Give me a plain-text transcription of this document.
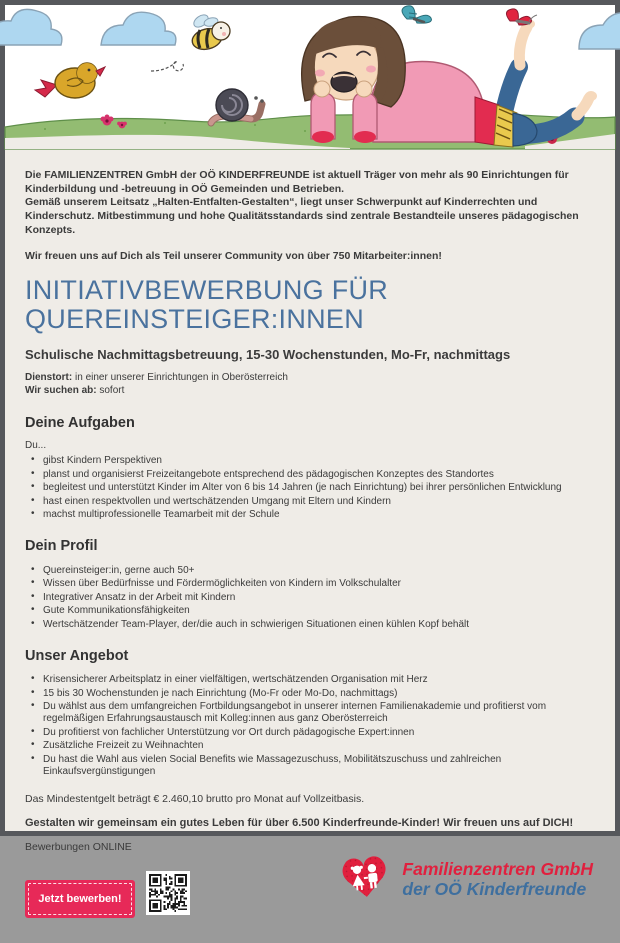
Die FAMILIENZENTREN GmbH der OÖ KINDERFREUNDE ist aktuell Träger von mehr als 90 Einrichtungen für Kinderbildung und -betreuung in OÖ Gemeinden und Betrieben.
Gemäß unserem Leitsatz „Halten-Entfalten-Gestalten“, liegt unser Schwerpunkt auf Kinderrechten und Kinderschutz. Mitbestimmung und hohe Qualitätsstandards sind zentrale Bestandteile unseres pädagogischen Konzepts.
Wir freuen uns auf Dich als Teil unserer Community von über 750 Mitarbeiter:innen!
INITIATIVBEWERBUNG FÜR
QUEREINSTEIGER:INNEN
Schulische Nachmittagsbetreuung, 15-30 Wochenstunden, Mo-Fr, nachmittags
Dienstort: in einer unserer Einrichtungen in Oberösterreich
Wir suchen ab: sofort
Deine Aufgaben
Du...
• gibst Kindern Perspektiven
• planst und organisierst Freizeitangebote entsprechend des pädagogischen Konzeptes des Standortes
• begleitest und unterstützt Kinder im Alter von 6 bis 14 Jahren (je nach Einrichtung) bei ihrer persönlichen Entwicklung
• hast einen respektvollen und wertschätzenden Umgang mit Eltern und Kindern
• machst multiprofessionelle Teamarbeit mit der Schule
Dein Profil
• Quereinsteiger:in, gerne auch 50+
• Wissen über Bedürfnisse und Fördermöglichkeiten von Kindern im Volkschulalter
• Integrativer Ansatz in der Arbeit mit Kindern
• Gute Kommunikationsfähigkeiten
• Wertschätzender Team-Player, der/die auch in schwierigen Situationen einen kühlen Kopf behält
Unser Angebot
• Krisensicherer Arbeitsplatz in einer vielfältigen, wertschätzenden Organisation mit Herz
• 15 bis 30 Wochenstunden je nach Einrichtung (Mo-Fr oder Mo-Do, nachmittags)
• Du wählst aus dem umfangreichen Fortbildungsangebot in unserer internen Familienakademie und profitierst vom regelmäßigen Erfahrungsaustausch mit Kolleg:innen aus ganz Oberösterreich
• Du profitierst von fachlicher Unterstützung vor Ort durch pädagogische Expert:innen
• Zusätzliche Freizeit zu Weihnachten
• Du hast die Wahl aus vielen Social Benefits wie Massagezuschuss, Mobilitätszuschuss und zahlreichen Einkaufsvergünstigungen
Das Mindestentgelt beträgt € 2.460,10 brutto pro Monat auf Vollzeitbasis.
Gestalten wir gemeinsam ein gutes Leben für über 6.500 Kinderfreunde-Kinder! Wir freuen uns auf DICH!
Bewerbungen ONLINE
Jetzt bewerben!
Familienzentren GmbH
der OÖ Kinderfreunde
